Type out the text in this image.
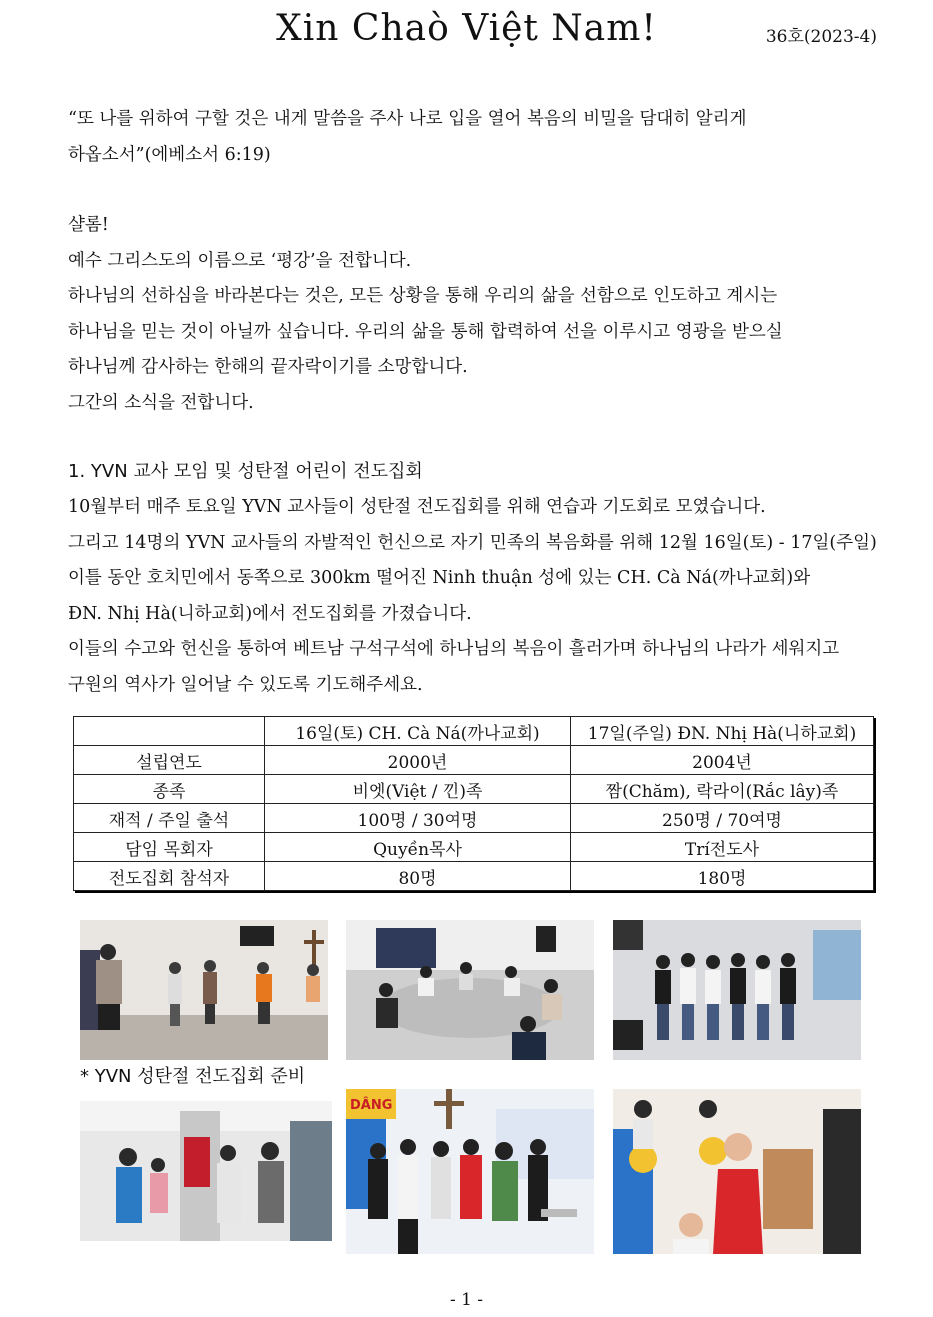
Xin Chaò Việt Nam!	36호(2023-4)

“또 나를 위하여 구할 것은 내게 말씀을 주사 나로 입을 열어 복음의 비밀을 담대히 알리게

하옵소서”(에베소서 6:19)

샬롬!

예수 그리스도의 이름으로 ‘평강’을 전합니다.

하나님의 선하심을 바라본다는 것은, 모든 상황을 통해 우리의 삶을 선함으로 인도하고 계시는

하나님을 믿는 것이 아닐까 싶습니다. 우리의 삶을 통해 합력하여 선을 이루시고 영광을 받으실

하나님께 감사하는 한해의 끝자락이기를 소망합니다.

그간의 소식을 전합니다.

1. YVN 교사 모임 및 성탄절 어린이 전도집회

10월부터 매주 토요일 YVN 교사들이 성탄절 전도집회를 위해 연습과 기도회로 모였습니다.

그리고 14명의 YVN 교사들의 자발적인 헌신으로 자기 민족의 복음화를 위해 12월 16일(토) - 17일(주일)

이틀 동안 호치민에서 동쪽으로 300km 떨어진 Ninh thuận 성에 있는 CH. Cà Ná(까나교회)와

ĐN. Nhị Hà(니하교회)에서 전도집회를 가졌습니다.

이들의 수고와 헌신을 통하여 베트남 구석구석에 하나님의 복음이 흘러가며 하나님의 나라가 세워지고

구원의 역사가 일어날 수 있도록 기도해주세요.

	16일(토) CH. Cà Ná(까나교회)	17일(주일) ĐN. Nhị Hà(니하교회)
설립연도	2000년	2004년
종족	비엣(Việt / 낀)족	짬(Chăm), 락라이(Rắc lây)족
재적 / 주일 출석	100명 / 30여명	250명 / 70여명
담임 목회자	Quyền목사	Trí전도사
전도집회 참석자	80명	180명
* YVN 성탄절 전도집회 준비
DÂNG
- 1 -
